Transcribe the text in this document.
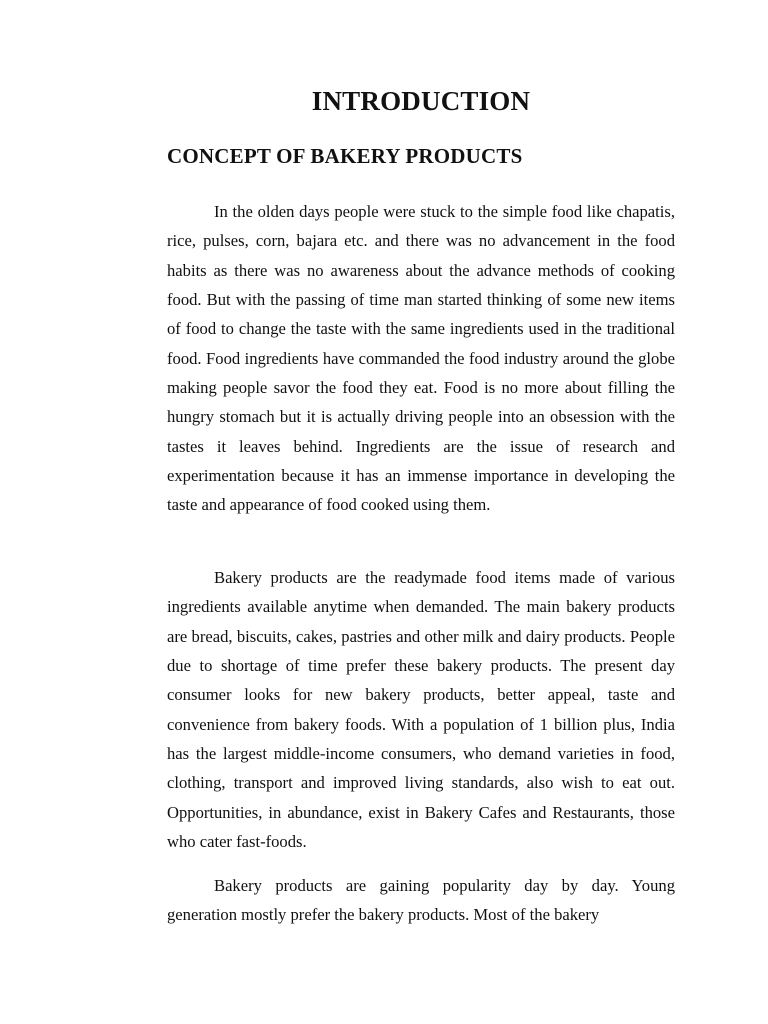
INTRODUCTION
CONCEPT OF BAKERY PRODUCTS

In the olden days people were stuck to the simple food like chapatis, rice, pulses, corn, bajara etc. and there was no advancement in the food habits as there was no awareness about the advance methods of cooking food. But with the passing of time man started thinking of some new items of food to change the taste with the same ingredients used in the traditional food. Food ingredients have commanded the food industry around the globe making people savor the food they eat. Food is no more about filling the hungry stomach but it is actually driving people into an obsession with the tastes it leaves behind. Ingredients are the issue of research and experimentation because it has an immense importance in developing the taste and appearance of food cooked using them.

Bakery products are the readymade food items made of various ingredients available anytime when demanded. The main bakery products are bread, biscuits, cakes, pastries and other milk and dairy products. People due to shortage of time prefer these bakery products. The present day consumer looks for new bakery products, better appeal, taste and convenience from bakery foods. With a population of 1 billion plus, India has the largest middle-income consumers, who demand varieties in food, clothing, transport and improved living standards, also wish to eat out. Opportunities, in abundance, exist in Bakery Cafes and Restaurants, those who cater fast-foods.

Bakery products are gaining popularity day by day. Young generation mostly prefer the bakery products. Most of the bakery
